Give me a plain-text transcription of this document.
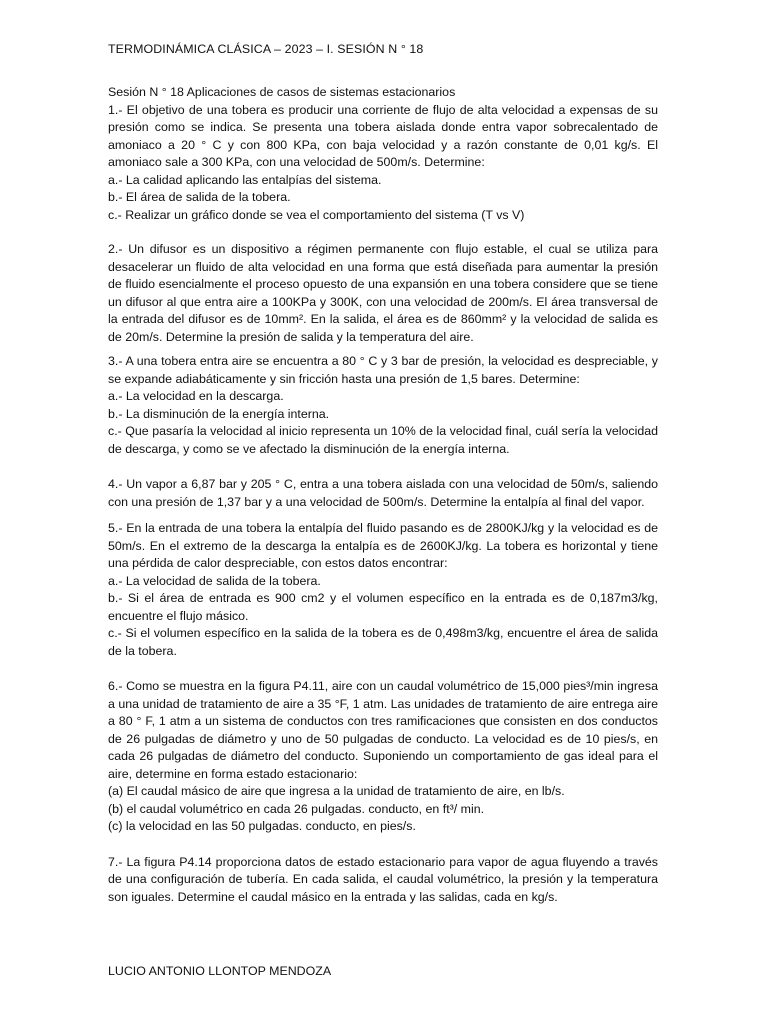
TERMODINÁMICA CLÁSICA – 2023 – I. SESIÓN N ° 18
Sesión N ° 18 Aplicaciones de casos de sistemas estacionarios

1.- El objetivo de una tobera es producir una corriente de flujo de alta velocidad a expensas de su presión como se indica. Se presenta una tobera aislada donde entra vapor sobrecalentado de amoniaco a 20 ° C y con 800 KPa, con baja velocidad y a razón constante de 0,01 kg/s. El amoniaco sale a 300 KPa, con una velocidad de 500m/s. Determine:

a.- La calidad aplicando las entalpías del sistema.

b.- El área de salida de la tobera.

c.- Realizar un gráfico donde se vea el comportamiento del sistema (T vs V)

2.- Un difusor es un dispositivo a régimen permanente con flujo estable, el cual se utiliza para desacelerar un fluido de alta velocidad en una forma que está diseñada para aumentar la presión de fluido esencialmente el proceso opuesto de una expansión en una tobera considere que se tiene un difusor al que entra aire a 100KPa y 300K, con una velocidad de 200m/s. El área transversal de la entrada del difusor es de 10mm². En la salida, el área es de 860mm² y la velocidad de salida es de 20m/s. Determine la presión de salida y la temperatura del aire.

3.- A una tobera entra aire se encuentra a 80 ° C y 3 bar de presión, la velocidad es despreciable, y se expande adiabáticamente y sin fricción hasta una presión de 1,5 bares. Determine:

a.- La velocidad en la descarga.

b.- La disminución de la energía interna.

c.- Que pasaría la velocidad al inicio representa un 10% de la velocidad final, cuál sería la velocidad de descarga, y como se ve afectado la disminución de la energía interna.

4.- Un vapor a 6,87 bar y 205 ° C, entra a una tobera aislada con una velocidad de 50m/s, saliendo con una presión de 1,37 bar y a una velocidad de 500m/s. Determine la entalpía al final del vapor.

5.- En la entrada de una tobera la entalpía del fluido pasando es de 2800KJ/kg y la velocidad es de 50m/s. En el extremo de la descarga la entalpía es de 2600KJ/kg. La tobera es horizontal y tiene una pérdida de calor despreciable, con estos datos encontrar:

a.- La velocidad de salida de la tobera.

b.- Si el área de entrada es 900 cm2 y el volumen específico en la entrada es de 0,187m3/kg, encuentre el flujo másico.

c.- Si el volumen específico en la salida de la tobera es de 0,498m3/kg, encuentre el área de salida de la tobera.

6.- Como se muestra en la figura P4.11, aire con un caudal volumétrico de 15,000 pies³/min ingresa a una unidad de tratamiento de aire a 35 °F, 1 atm. Las unidades de tratamiento de aire entrega aire a 80 ° F, 1 atm a un sistema de conductos con tres ramificaciones que consisten en dos conductos de 26 pulgadas de diámetro y uno de 50 pulgadas de conducto. La velocidad es de 10 pies/s, en cada 26 pulgadas de diámetro del conducto. Suponiendo un comportamiento de gas ideal para el aire, determine en forma estado estacionario:

(a) El caudal másico de aire que ingresa a la unidad de tratamiento de aire, en lb/s.

(b) el caudal volumétrico en cada 26 pulgadas. conducto, en ft³/ min.

(c) la velocidad en las 50 pulgadas. conducto, en pies/s.

7.- La figura P4.14 proporciona datos de estado estacionario para vapor de agua fluyendo a través de una configuración de tubería. En cada salida, el caudal volumétrico, la presión y la temperatura son iguales. Determine el caudal másico en la entrada y las salidas, cada en kg/s.

LUCIO ANTONIO LLONTOP MENDOZA
